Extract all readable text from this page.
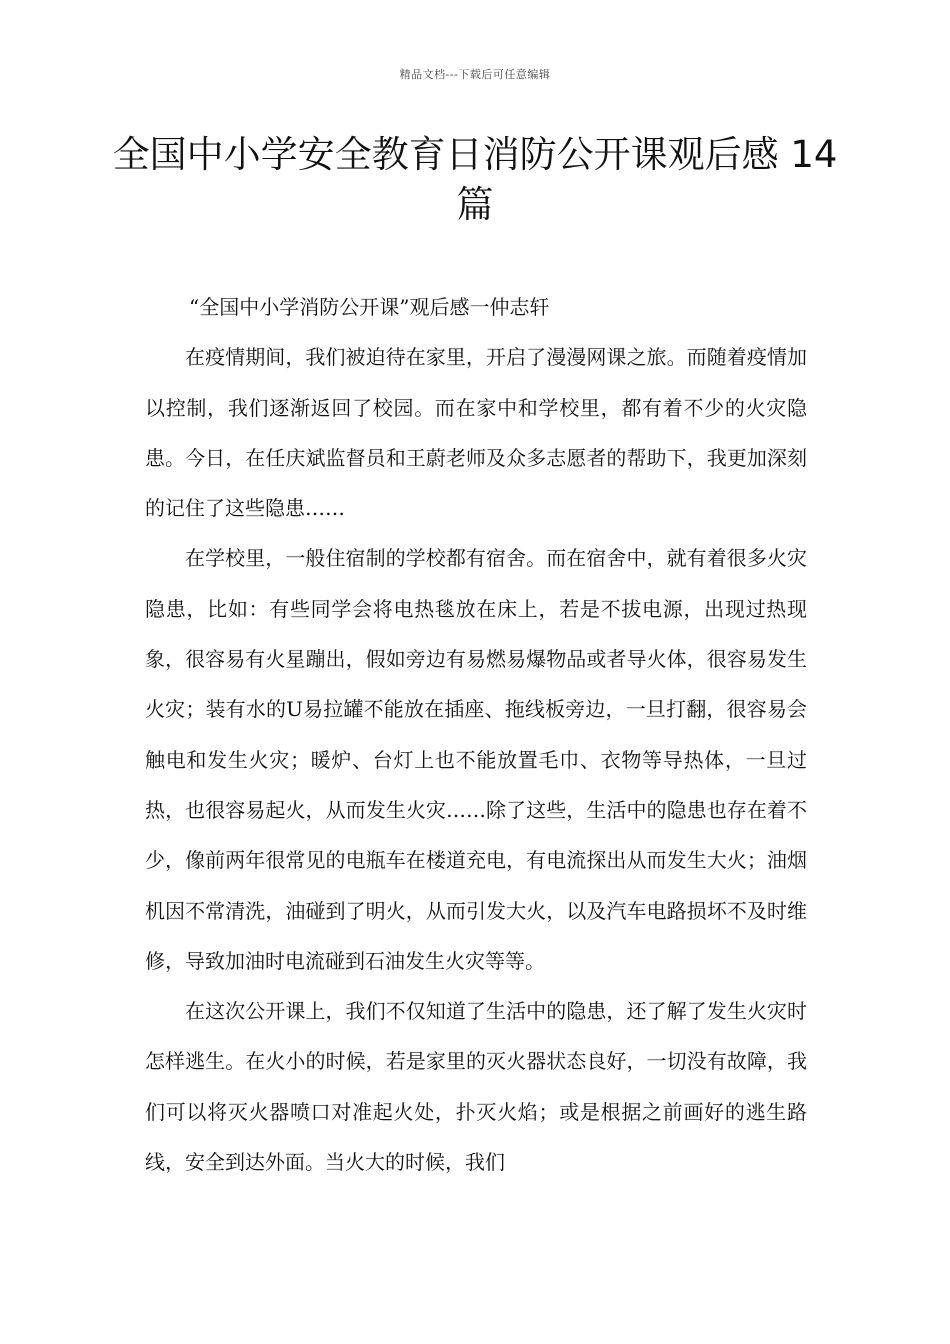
精品文档---下载后可任意编辑
全国中小学安全教育日消防公开课观后感 14篇

“全国中小学消防公开课”观后感一仲志轩

在疫情期间，我们被迫待在家里，开启了漫漫网课之旅。而随着疫情加以控制，我们逐渐返回了校园。而在家中和学校里，都有着不少的火灾隐患。今日，在任庆斌监督员和王蔚老师及众多志愿者的帮助下，我更加深刻的记住了这些隐患……

在学校里，一般住宿制的学校都有宿舍。而在宿舍中，就有着很多火灾隐患，比如：有些同学会将电热毯放在床上，若是不拔电源，出现过热现象，很容易有火星蹦出，假如旁边有易燃易爆物品或者导火体，很容易发生火灾；装有水的U易拉罐不能放在插座、拖线板旁边，一旦打翻，很容易会触电和发生火灾；暖炉、台灯上也不能放置毛巾、衣物等导热体，一旦过热，也很容易起火，从而发生火灾……除了这些，生活中的隐患也存在着不少，像前两年很常见的电瓶车在楼道充电，有电流探出从而发生大火；油烟机因不常清洗，油碰到了明火，从而引发大火，以及汽车电路损坏不及时维修，导致加油时电流碰到石油发生火灾等等。

在这次公开课上，我们不仅知道了生活中的隐患，还了解了发生火灾时怎样逃生。在火小的时候，若是家里的灭火器状态良好，一切没有故障，我们可以将灭火器喷口对准起火处，扑灭火焰；或是根据之前画好的逃生路线，安全到达外面。当火大的时候，我们
